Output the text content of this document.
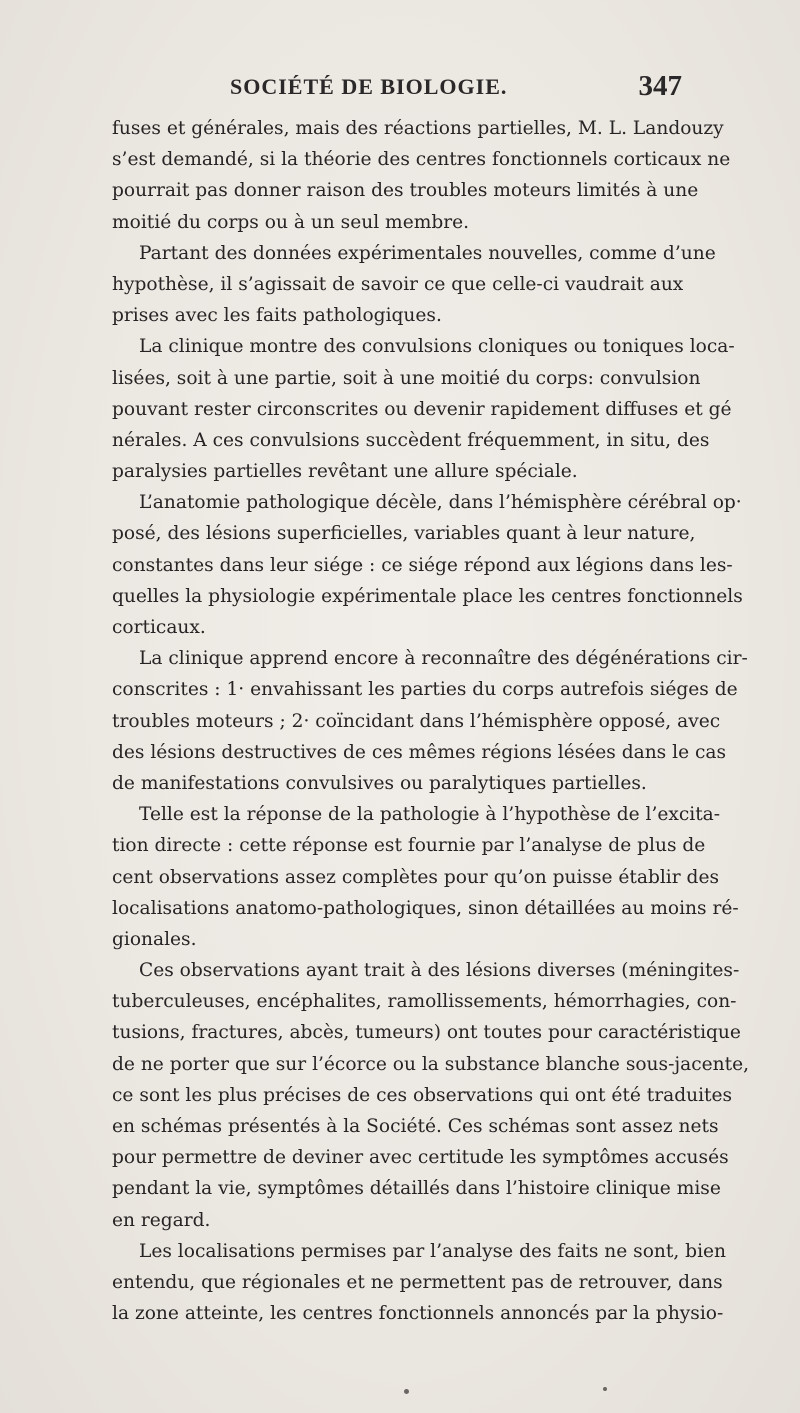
SOCIÉTÉ DE BIOLOGIE.	347
fuses et générales, mais des réactions partielles, M. L. Landouzy
s’est demandé, si la théorie des centres fonctionnels corticaux ne
pourrait pas donner raison des troubles moteurs limités à une
moitié du corps ou à un seul membre.
Partant des données expérimentales nouvelles, comme d’une
hypothèse, il s’agissait de savoir ce que celle-ci vaudrait aux
prises avec les faits pathologiques.
La clinique montre des convulsions cloniques ou toniques loca-
lisées, soit à une partie, soit à une moitié du corps: convulsion
pouvant rester circonscrites ou devenir rapidement diffuses et gé
nérales. A ces convulsions succèdent fréquemment, in situ, des
paralysies partielles revêtant une allure spéciale.
L’anatomie pathologique décèle, dans l’hémisphère cérébral op·
posé, des lésions superficielles, variables quant à leur nature,
constantes dans leur siége : ce siége répond aux légions dans les-
quelles la physiologie expérimentale place les centres fonctionnels
corticaux.
La clinique apprend encore à reconnaître des dégénérations cir-
conscrites : 1· envahissant les parties du corps autrefois siéges de
troubles moteurs ; 2· coïncidant dans l’hémisphère opposé, avec
des lésions destructives de ces mêmes régions lésées dans le cas
de manifestations convulsives ou paralytiques partielles.
Telle est la réponse de la pathologie à l’hypothèse de l’excita-
tion directe : cette réponse est fournie par l’analyse de plus de
cent observations assez complètes pour qu’on puisse établir des
localisations anatomo-pathologiques, sinon détaillées au moins ré-
gionales.
Ces observations ayant trait à des lésions diverses (méningites-
tuberculeuses, encéphalites, ramollissements, hémorrhagies, con-
tusions, fractures, abcès, tumeurs) ont toutes pour caractéristique
de ne porter que sur l’écorce ou la substance blanche sous-jacente,
ce sont les plus précises de ces observations qui ont été traduites
en schémas présentés à la Société. Ces schémas sont assez nets
pour permettre de deviner avec certitude les symptômes accusés
pendant la vie, symptômes détaillés dans l’histoire clinique mise
en regard.
Les localisations permises par l’analyse des faits ne sont, bien
entendu, que régionales et ne permettent pas de retrouver, dans
la zone atteinte, les centres fonctionnels annoncés par la physio-
